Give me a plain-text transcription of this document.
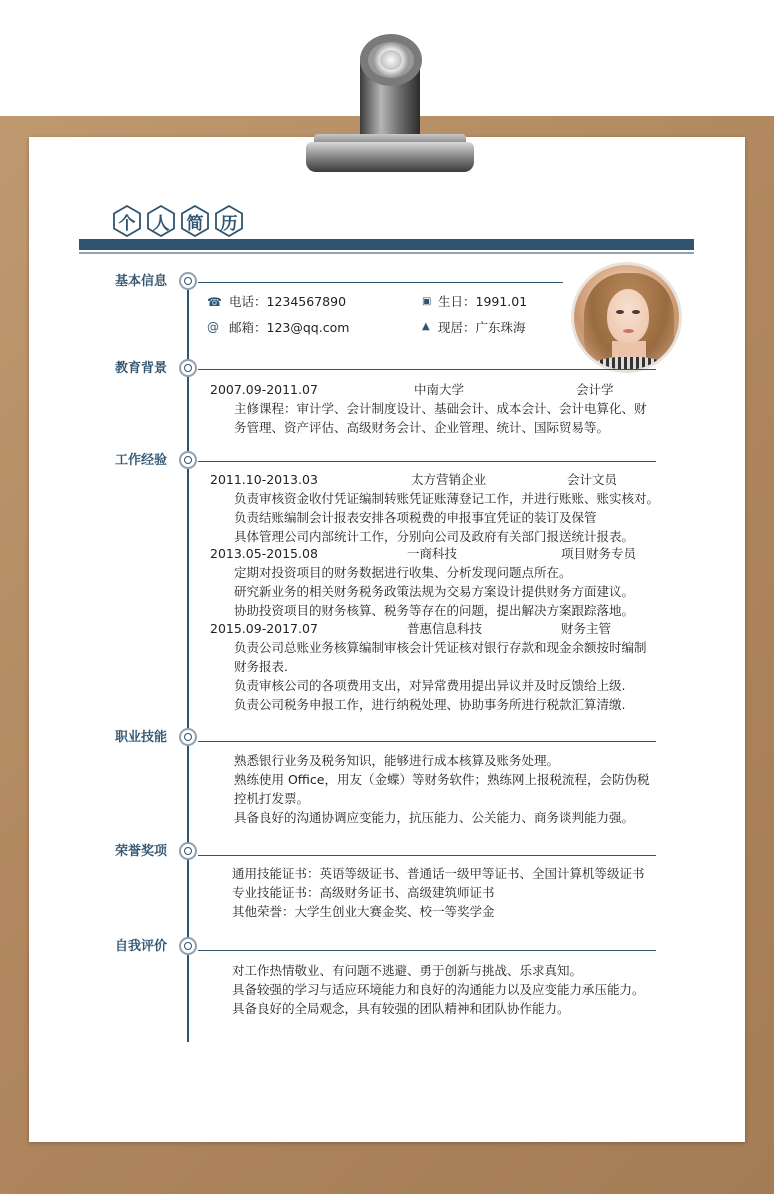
个 人 简 历
基本信息
☎ 电话：1234567890	▣ 生日：1991.01
@ 邮箱：123@qq.com	▲ 现居：广东珠海
教育背景
2007.09-2011.07	中南大学	会计学
主修课程：审计学、会计制度设计、基础会计、成本会计、会计电算化、财
务管理、资产评估、高级财务会计、企业管理、统计、国际贸易等。
工作经验
2011.10-2013.03	太方营销企业	会计文员
负责审核资金收付凭证编制转账凭证账薄登记工作，并进行账账、账实核对。
负责结账编制会计报表安排各项税费的申报事宜凭证的装订及保管
具体管理公司内部统计工作，分别向公司及政府有关部门报送统计报表。
2013.05-2015.08	一商科技	项目财务专员
定期对投资项目的财务数据进行收集、分析发现问题点所在。
研究新业务的相关财务税务政策法规为交易方案设计提供财务方面建议。
协助投资项目的财务核算、税务等存在的问题，提出解决方案跟踪落地。
2015.09-2017.07	普惠信息科技	财务主管
负责公司总账业务核算编制审核会计凭证核对银行存款和现金余额按时编制
财务报表.
负责审核公司的各项费用支出，对异常费用提出异议并及时反馈给上级.
负责公司税务申报工作，进行纳税处理、协助事务所进行税款汇算清缴.
职业技能
熟悉银行业务及税务知识，能够进行成本核算及账务处理。
熟练使用 Office，用友（金蝶）等财务软件；熟练网上报税流程，会防伪税
控机打发票。
具备良好的沟通协调应变能力，抗压能力、公关能力、商务谈判能力强。
荣誉奖项
通用技能证书：英语等级证书、普通话一级甲等证书、全国计算机等级证书
专业技能证书：高级财务证书、高级建筑师证书
其他荣誉：大学生创业大赛金奖、校一等奖学金
自我评价
对工作热情敬业、有问题不逃避、勇于创新与挑战、乐求真知。
具备较强的学习与适应环境能力和良好的沟通能力以及应变能力承压能力。
具备良好的全局观念，具有较强的团队精神和团队协作能力。
